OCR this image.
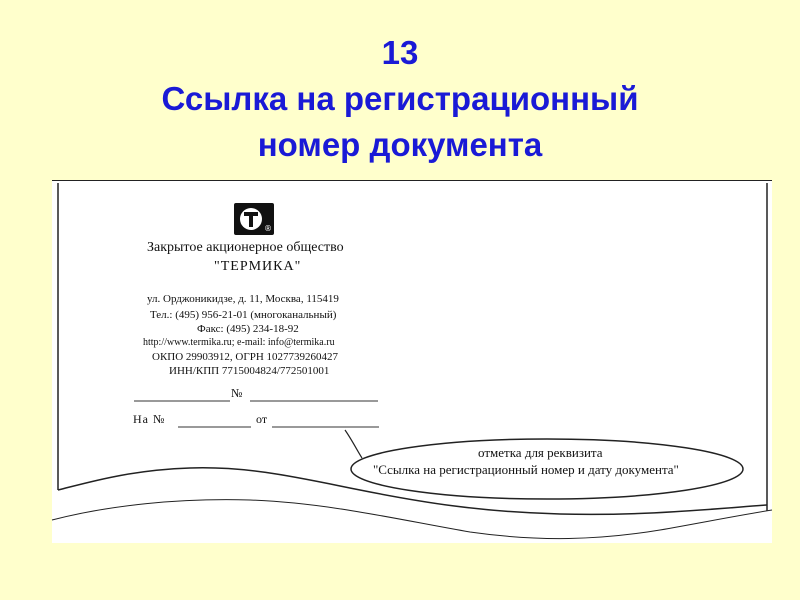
13
Ссылка на регистрационный
номер документа
®
Закрытое акционерное общество
"ТЕРМИКА"
ул. Орджоникидзе, д. 11, Москва, 115419
Тел.: (495) 956-21-01 (многоканальный)
Факс: (495) 234-18-92
http://www.termika.ru; e-mail: info@termika.ru
ОКПО 29903912, ОГРН 1027739260427
ИНН/КПП 7715004824/772501001
№
На №	от
отметка для реквизита
"Ссылка на регистрационный номер и дату документа"
